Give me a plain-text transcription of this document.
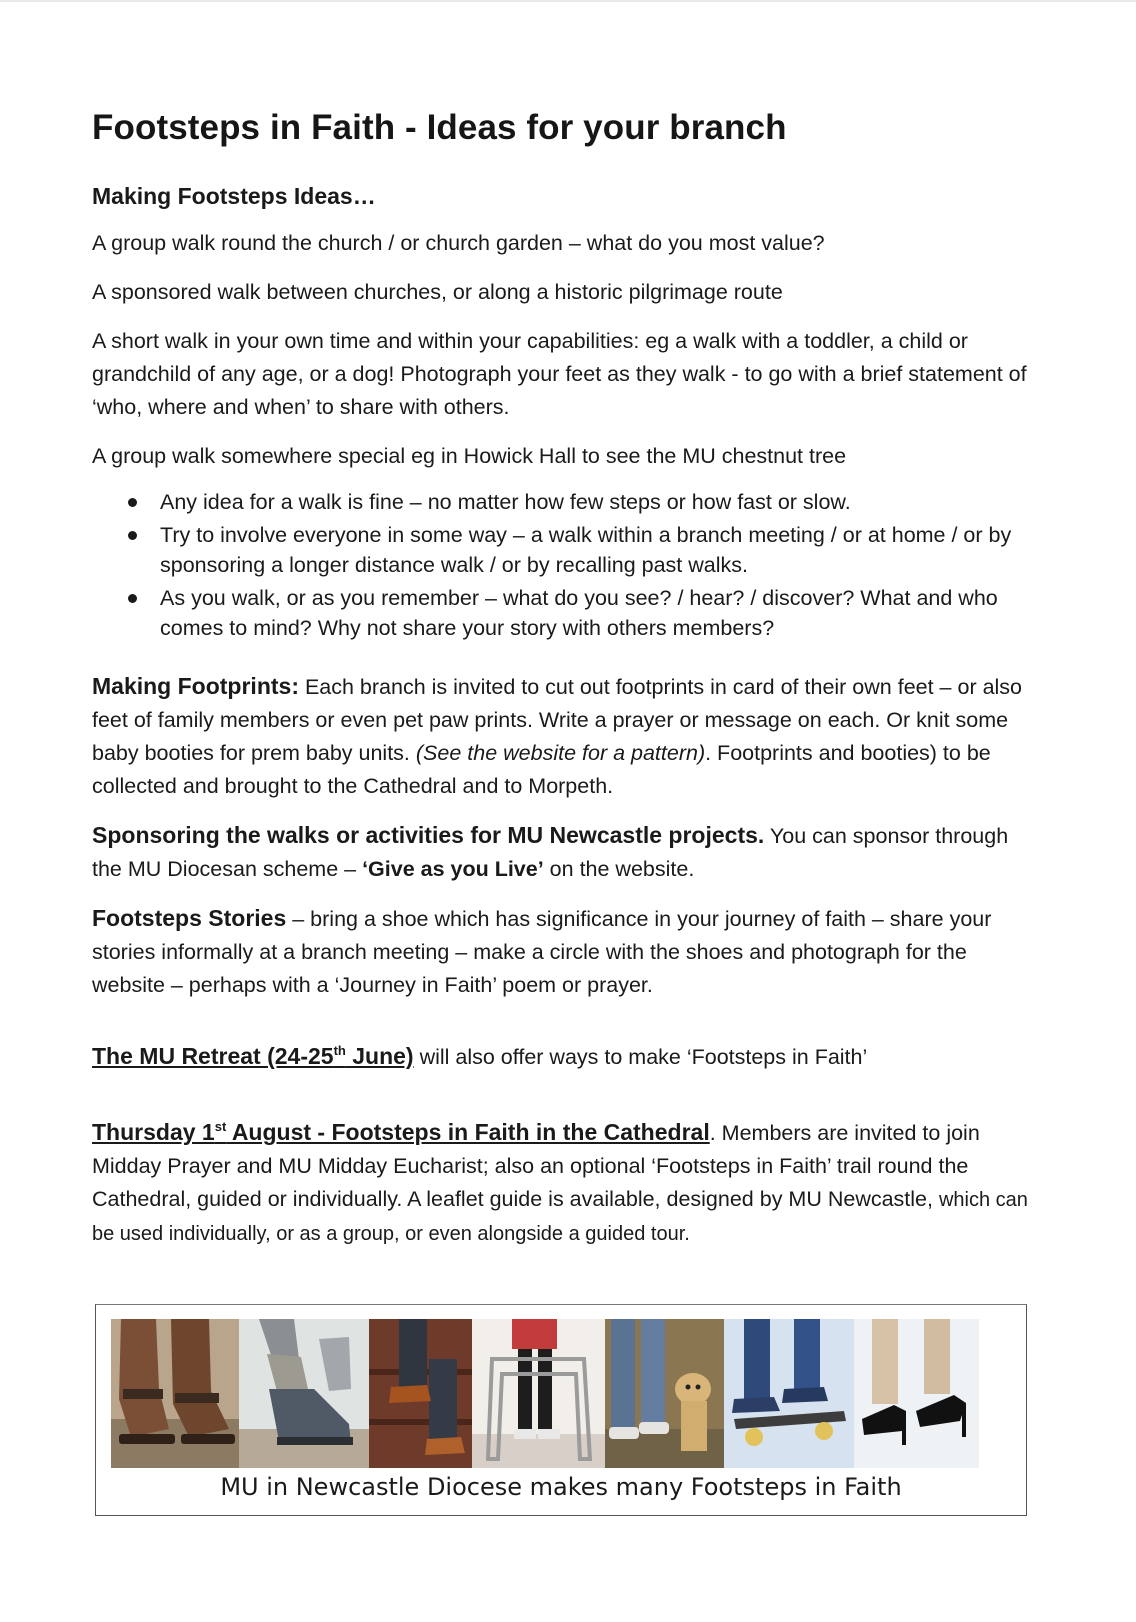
Footsteps in Faith - Ideas for your branch
Making Footsteps Ideas…

A group walk round the church / or church garden – what do you most value?

A sponsored walk between churches, or along a historic pilgrimage route

A short walk in your own time and within your capabilities: eg a walk with a toddler, a child or grandchild of any age, or a dog! Photograph your feet as they walk - to go with a brief statement of ‘who, where and when’ to share with others.

A group walk somewhere special eg in Howick Hall to see the MU chestnut tree

Any idea for a walk is fine – no matter how few steps or how fast or slow.
Try to involve everyone in some way – a walk within a branch meeting / or at home / or by sponsoring a longer distance walk / or by recalling past walks.
As you walk, or as you remember – what do you see? / hear? / discover? What and who comes to mind? Why not share your story with others members?

Making Footprints: Each branch is invited to cut out footprints in card of their own feet – or also feet of family members or even pet paw prints. Write a prayer or message on each. Or knit some baby booties for prem baby units. (See the website for a pattern). Footprints and booties) to be collected and brought to the Cathedral and to Morpeth.

Sponsoring the walks or activities for MU Newcastle projects. You can sponsor through the MU Diocesan scheme – ‘Give as you Live’ on the website.

Footsteps Stories – bring a shoe which has significance in your journey of faith – share your stories informally at a branch meeting – make a circle with the shoes and photograph for the website – perhaps with a ‘Journey in Faith’ poem or prayer.

The MU Retreat (24-25th June) will also offer ways to make ‘Footsteps in Faith’

Thursday 1st August - Footsteps in Faith in the Cathedral. Members are invited to join Midday Prayer and MU Midday Eucharist; also an optional ‘Footsteps in Faith’ trail round the Cathedral, guided or individually. A leaflet guide is available, designed by MU Newcastle, which can be used individually, or as a group, or even alongside a guided tour.

MU in Newcastle Diocese makes many Footsteps in Faith
